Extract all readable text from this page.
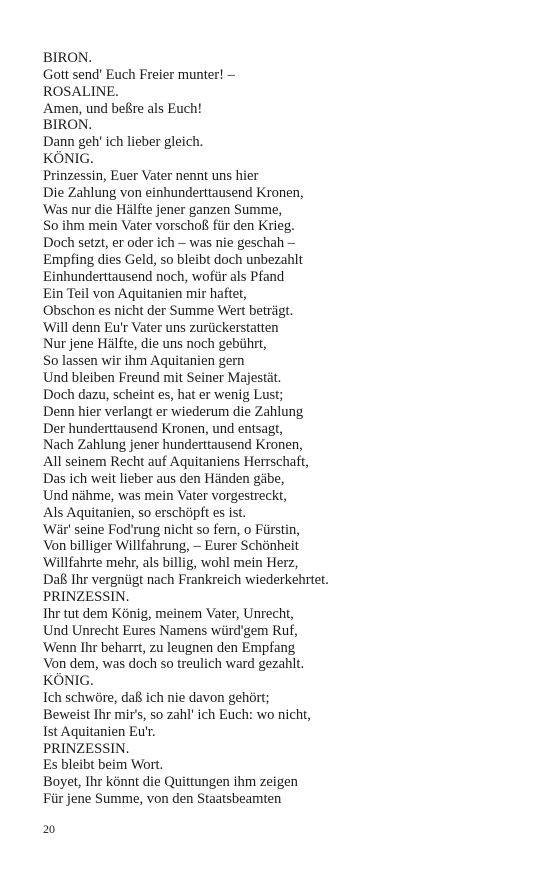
BIRON.
Gott send' Euch Freier munter! –
ROSALINE.
Amen, und beßre als Euch!
BIRON.
Dann geh' ich lieber gleich.
KÖNIG.
Prinzessin, Euer Vater nennt uns hier
Die Zahlung von einhunderttausend Kronen,
Was nur die Hälfte jener ganzen Summe,
So ihm mein Vater vorschoß für den Krieg.
Doch setzt, er oder ich – was nie geschah –
Empfing dies Geld, so bleibt doch unbezahlt
Einhunderttausend noch, wofür als Pfand
Ein Teil von Aquitanien mir haftet,
Obschon es nicht der Summe Wert beträgt.
Will denn Eu'r Vater uns zurückerstatten
Nur jene Hälfte, die uns noch gebührt,
So lassen wir ihm Aquitanien gern
Und bleiben Freund mit Seiner Majestät.
Doch dazu, scheint es, hat er wenig Lust;
Denn hier verlangt er wiederum die Zahlung
Der hunderttausend Kronen, und entsagt,
Nach Zahlung jener hunderttausend Kronen,
All seinem Recht auf Aquitaniens Herrschaft,
Das ich weit lieber aus den Händen gäbe,
Und nähme, was mein Vater vorgestreckt,
Als Aquitanien, so erschöpft es ist.
Wär' seine Fod'rung nicht so fern, o Fürstin,
Von billiger Willfahrung, – Eurer Schönheit
Willfahrte mehr, als billig, wohl mein Herz,
Daß Ihr vergnügt nach Frankreich wiederkehrtet.
PRINZESSIN.
Ihr tut dem König, meinem Vater, Unrecht,
Und Unrecht Eures Namens würd'gem Ruf,
Wenn Ihr beharrt, zu leugnen den Empfang
Von dem, was doch so treulich ward gezahlt.
KÖNIG.
Ich schwöre, daß ich nie davon gehört;
Beweist Ihr mir's, so zahl' ich Euch: wo nicht,
Ist Aquitanien Eu'r.
PRINZESSIN.
Es bleibt beim Wort.
Boyet, Ihr könnt die Quittungen ihm zeigen
Für jene Summe, von den Staatsbeamten
20
